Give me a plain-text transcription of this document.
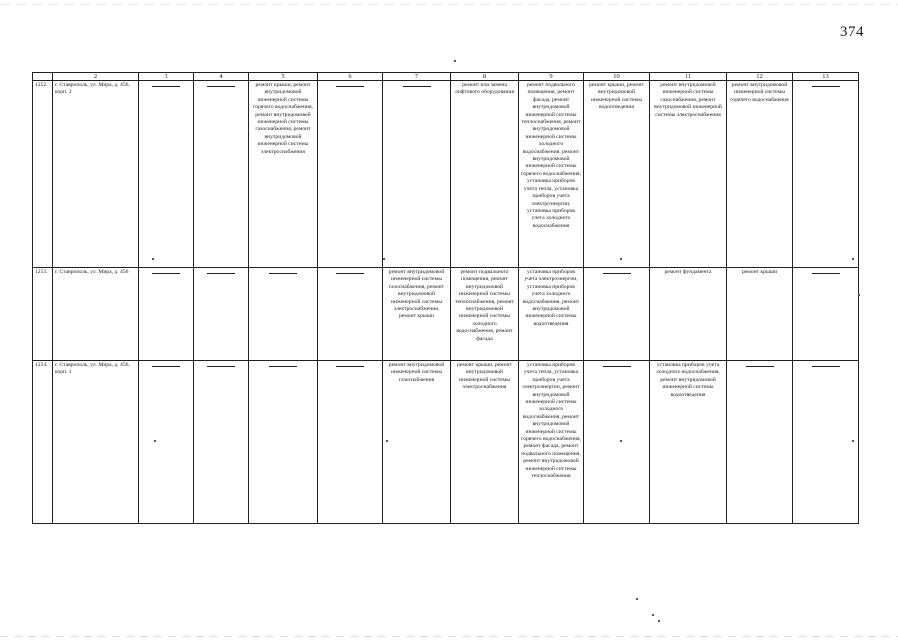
374
	2	3	4	5	6	7	8	9	10	11	12	13
1252.	г. Ставрополь, ул. Мира, д. 456, корп. 2			ремонт крыши, ремонт внутридомовой инженерной системы горячего водоснабжения, ремонт внутридомовой инженерной системы газоснабжения, ремонт внутридомовой инженерной системы электроснабжения			ремонт или замена лифтового оборудования	ремонт подвального помещения, ремонт фасада, ремонт внутридомовой инженерной системы теплоснабжения, ремонт внутридомовой инженерной системы холодного водоснабжения, ремонт внутридомовой инженерной системы горячего водоснабжения, установка приборов учета тепла, установка приборов учета электроэнергии, установка приборов учета холодного водоснабжения	ремонт крыши, ремонт внутридомовой инженерной системы водоотведения	ремонт внутридомовой инженерной системы газоснабжения, ремонт внутридомовой инженерной системы электроснабжения	ремонт внутридомовой инженерной системы горячего водоснабжения	
1253.	г. Ставрополь, ул. Мира, д. 456					ремонт внутридомовой инженерной системы газоснабжения, ремонт внутридомовой инженерной системы электроснабжения, ремонт крыши	ремонт подвального помещения, ремонт внутридомовой инженерной системы теплоснабжения, ремонт внутридомовой инженерной системы холодного водоснабжения, ремонт фасада	установка приборов учета электроэнергии, установка приборов учета холодного водоснабжения, ремонт внутридомовой инженерной системы водоотведения		ремонт фундамента	ремонт крыши	
1254.	г. Ставрополь, ул. Мира, д. 456, корп. 1					ремонт внутридомовой инженерной системы газоснабжения	ремонт крыши, ремонт внутридомовой инженерной системы электроснабжения	установка приборов учета тепла, установка приборов учета электроэнергии, ремонт внутридомовой инженерной системы холодного водоснабжения, ремонт внутридомовой инженерной системы горячего водоснабжения, ремонт фасада, ремонт подвального помещения, ремонт внутридомовой инженерной системы теплоснабжения		установка приборов учета холодного водоснабжения, ремонт внутридомовой инженерной системы водоотведения		
